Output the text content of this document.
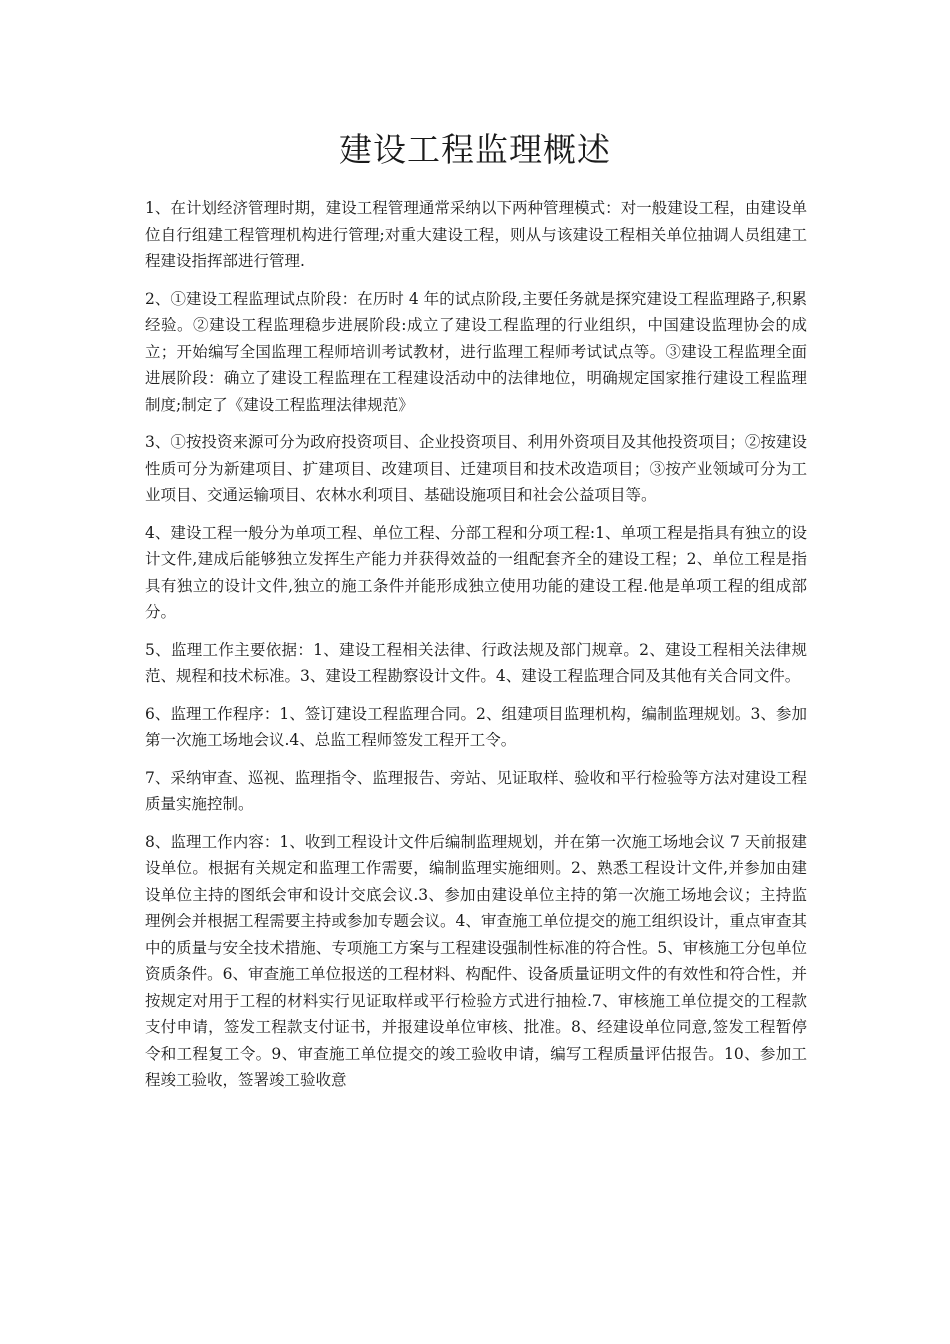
建设工程监理概述

1、在计划经济管理时期，建设工程管理通常采纳以下两种管理模式：对一般建设工程，由建设单位自行组建工程管理机构进行管理;对重大建设工程，则从与该建设工程相关单位抽调人员组建工程建设指挥部进行管理.

2、①建设工程监理试点阶段：在历时 4 年的试点阶段,主要任务就是探究建设工程监理路子,积累经验。②建设工程监理稳步进展阶段:成立了建设工程监理的行业组织，中国建设监理协会的成立；开始编写全国监理工程师培训考试教材，进行监理工程师考试试点等。③建设工程监理全面进展阶段：确立了建设工程监理在工程建设活动中的法律地位，明确规定国家推行建设工程监理制度;制定了《建设工程监理法律规范》

3、①按投资来源可分为政府投资项目、企业投资项目、利用外资项目及其他投资项目；②按建设性质可分为新建项目、扩建项目、改建项目、迁建项目和技术改造项目；③按产业领域可分为工业项目、交通运输项目、农林水利项目、基础设施项目和社会公益项目等。

4、建设工程一般分为单项工程、单位工程、分部工程和分项工程:1、单项工程是指具有独立的设计文件,建成后能够独立发挥生产能力并获得效益的一组配套齐全的建设工程；2、单位工程是指具有独立的设计文件,独立的施工条件并能形成独立使用功能的建设工程.他是单项工程的组成部分。

5、监理工作主要依据：1、建设工程相关法律、行政法规及部门规章。2、建设工程相关法律规范、规程和技术标准。3、建设工程勘察设计文件。4、建设工程监理合同及其他有关合同文件。

6、监理工作程序：1、签订建设工程监理合同。2、组建项目监理机构，编制监理规划。3、参加第一次施工场地会议.4、总监工程师签发工程开工令。

7、采纳审查、巡视、监理指令、监理报告、旁站、见证取样、验收和平行检验等方法对建设工程质量实施控制。

8、监理工作内容：1、收到工程设计文件后编制监理规划，并在第一次施工场地会议 7 天前报建设单位。根据有关规定和监理工作需要，编制监理实施细则。2、熟悉工程设计文件,并参加由建设单位主持的图纸会审和设计交底会议.3、参加由建设单位主持的第一次施工场地会议；主持监理例会并根据工程需要主持或参加专题会议。4、审查施工单位提交的施工组织设计，重点审查其中的质量与安全技术措施、专项施工方案与工程建设强制性标准的符合性。5、审核施工分包单位资质条件。6、审查施工单位报送的工程材料、构配件、设备质量证明文件的有效性和符合性，并按规定对用于工程的材料实行见证取样或平行检验方式进行抽检.7、审核施工单位提交的工程款支付申请，签发工程款支付证书，并报建设单位审核、批准。8、经建设单位同意,签发工程暂停令和工程复工令。9、审查施工单位提交的竣工验收申请，编写工程质量评估报告。10、参加工程竣工验收，签署竣工验收意
